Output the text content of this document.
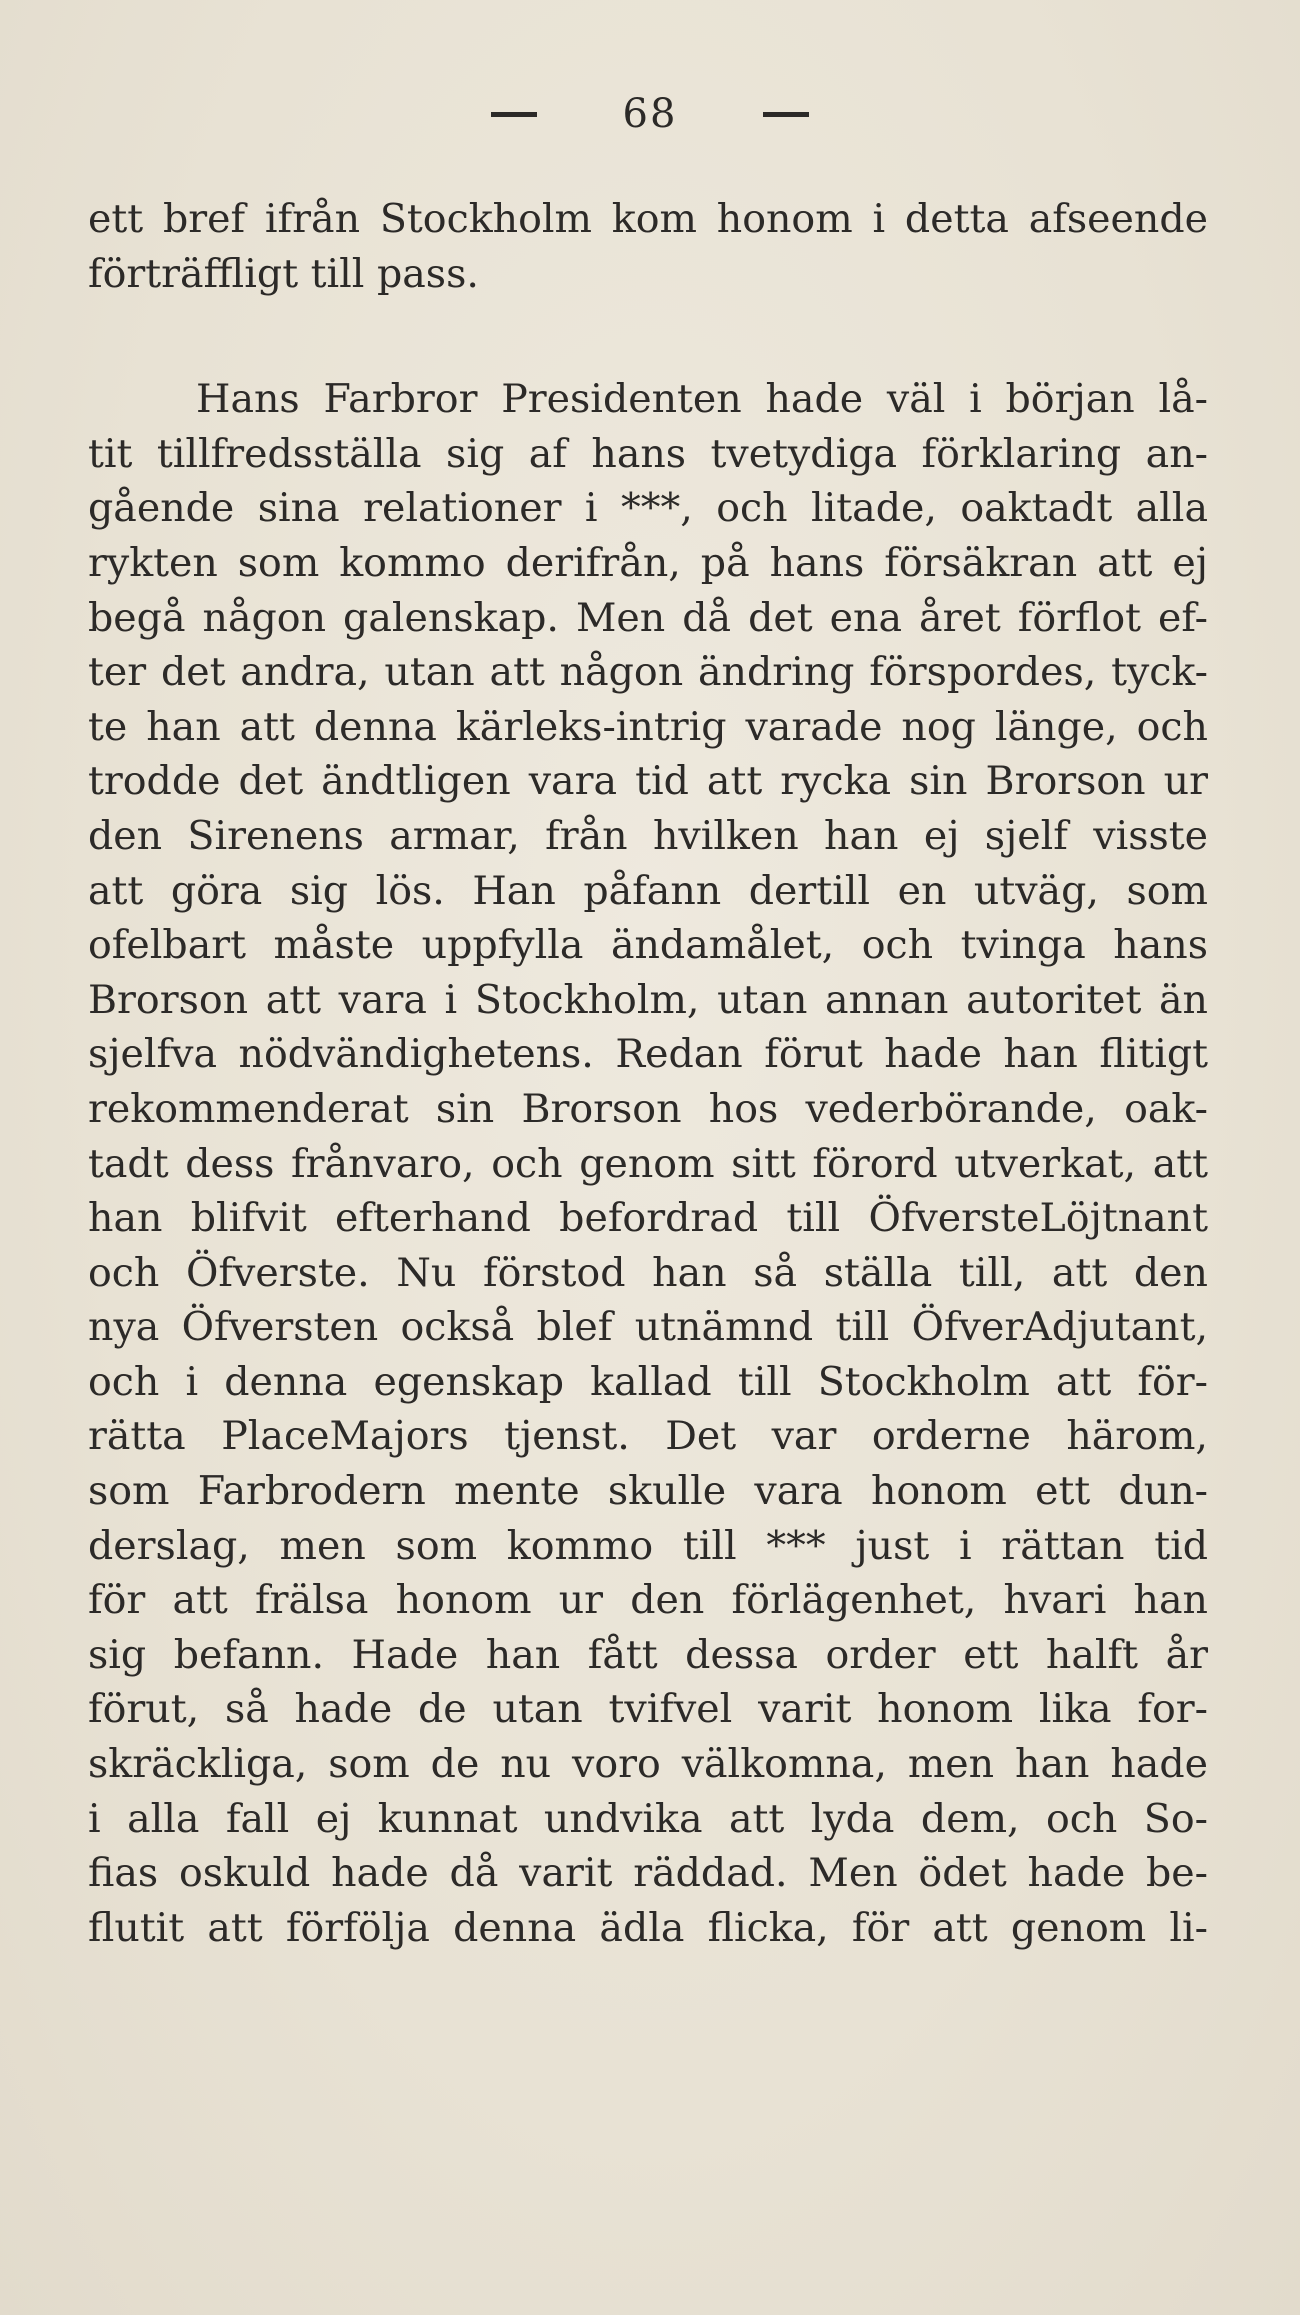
68
ett bref ifrån Stockholm kom honom i detta afseende
förträffligt till pass.
Hans Farbror Presidenten hade väl i början lå-
tit tillfredsställa sig af hans tvetydiga förklaring an-
gående sina relationer i ***, och litade, oaktadt alla
rykten som kommo derifrån, på hans försäkran att ej
begå någon galenskap. Men då det ena året förflot ef-
ter det andra, utan att någon ändring förspordes, tyck-
te han att denna kärleks-intrig varade nog länge, och
trodde det ändtligen vara tid att rycka sin Brorson ur
den Sirenens armar, från hvilken han ej sjelf visste
att göra sig lös. Han påfann dertill en utväg, som
ofelbart måste uppfylla ändamålet, och tvinga hans
Brorson att vara i Stockholm, utan annan autoritet än
sjelfva nödvändighetens. Redan förut hade han flitigt
rekommenderat sin Brorson hos vederbörande, oak-
tadt dess frånvaro, och genom sitt förord utverkat, att
han blifvit efterhand befordrad till ÖfversteLöjtnant
och Öfverste. Nu förstod han så ställa till, att den
nya Öfversten också blef utnämnd till ÖfverAdjutant,
och i denna egenskap kallad till Stockholm att för-
rätta PlaceMajors tjenst. Det var orderne härom,
som Farbrodern mente skulle vara honom ett dun-
derslag, men som kommo till *** just i rättan tid
för att frälsa honom ur den förlägenhet, hvari han
sig befann. Hade han fått dessa order ett halft år
förut, så hade de utan tvifvel varit honom lika for-
skräckliga, som de nu voro välkomna, men han hade
i alla fall ej kunnat undvika att lyda dem, och So-
fias oskuld hade då varit räddad. Men ödet hade be-
flutit att förfölja denna ädla flicka, för att genom li-
